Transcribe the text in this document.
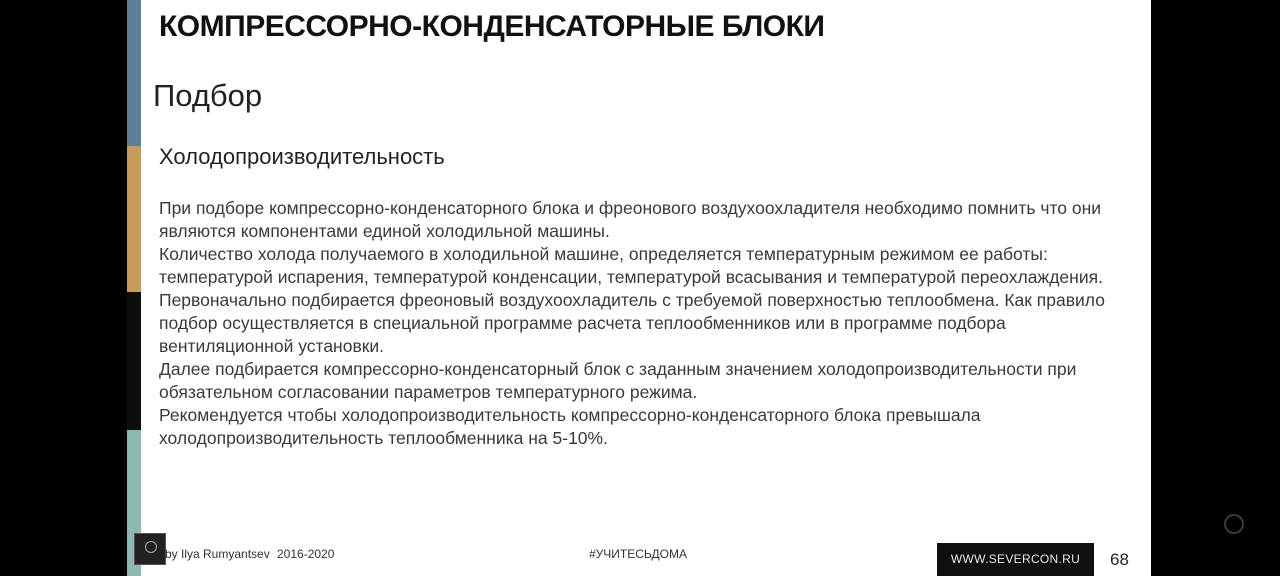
КОМПРЕССОРНО-КОНДЕНСАТОРНЫЕ БЛОКИ
Подбор
Холодопроизводительность

При подборе компрессорно-конденсаторного блока и фреонового воздухоохладителя необходимо помнить что они являются компонентами единой холодильной машины.

Количество холода получаемого в холодильной машине, определяется температурным режимом ее работы: температурой испарения, температурой конденсации, температурой всасывания и температурой переохлаждения.

Первоначально подбирается фреоновый воздухоохладитель с требуемой поверхностью теплообмена. Как правило подбор осуществляется в специальной программе расчета теплообменников или в программе подбора вентиляционной установки.

Далее подбирается компрессорно-конденсаторный блок с заданным значением холодопроизводительности при обязательном согласовании параметров температурного режима.

Рекомендуется чтобы холодопроизводительность компрессорно-конденсаторного блока превышала холодопроизводительность теплообменника на 5-10%.

by Ilya Rumyantsev 2016-2020	#УЧИТЕСЬДОМА	WWW.SEVERCON.RU	68
